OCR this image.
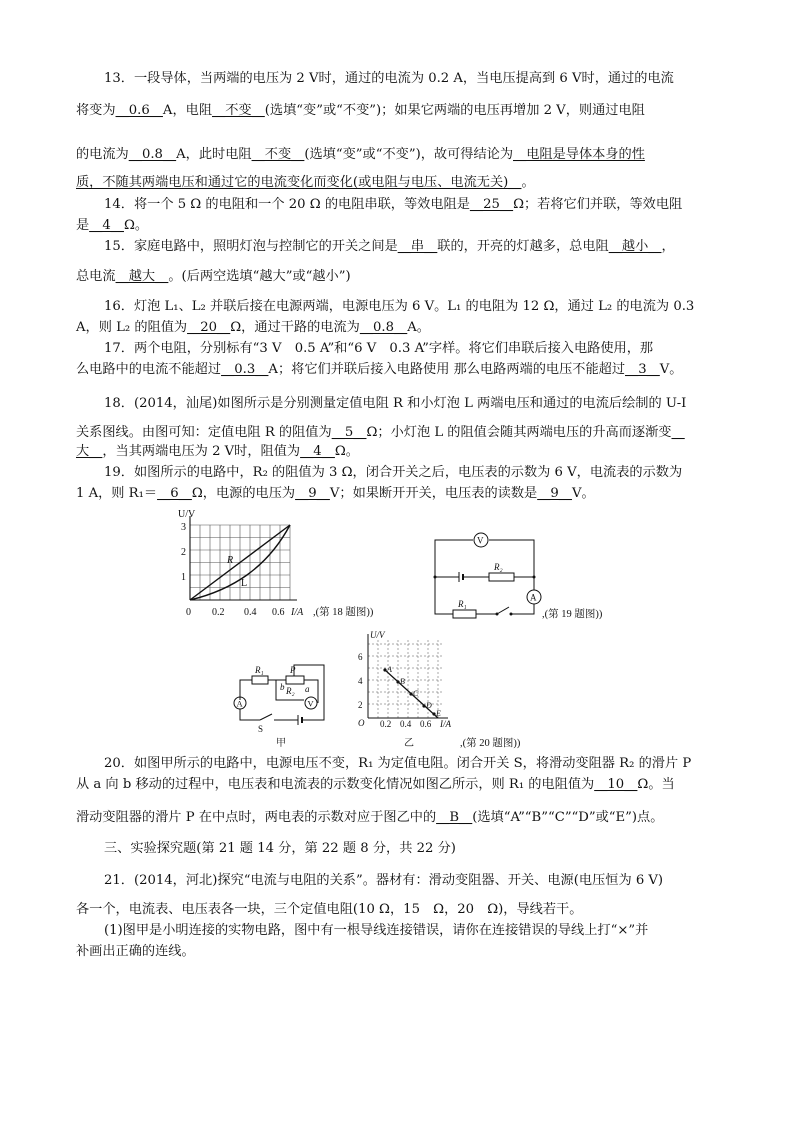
13．一段导体，当两端的电压为 2 V时，通过的电流为 0.2 A，当电压提高到 6 V时，通过的电流
将变为__0.6__A，电阻__不变__(选填“变”或“不变”)；如果它两端的电压再增加 2 V，则通过电阻
的电流为__0.8__A，此时电阻__不变__(选填“变”或“不变”)，故可得结论为__电阻是导体本身的性
质，不随其两端电压和通过它的电流变化而变化(或电阻与电压、电流无关)__。
14．将一个 5 Ω 的电阻和一个 20 Ω 的电阻串联，等效电阻是__25__Ω；若将它们并联，等效电阻
是__4__Ω。
15．家庭电路中，照明灯泡与控制它的开关之间是__串__联的，开亮的灯越多，总电阻__越小__，
总电流__越大__。(后两空选填“越大”或“越小”)
16．灯泡 L₁、L₂ 并联后接在电源两端，电源电压为 6 V。L₁ 的电阻为 12 Ω，通过 L₂ 的电流为 0.3
A，则 L₂ 的阻值为__20__Ω，通过干路的电流为__0.8__A。
17．两个电阻，分别标有“3 V　0.5 A”和“6 V　0.3 A”字样。将它们串联后接入电路使用，那
么电路中的电流不能超过__0.3__A；将它们并联后接入电路使用 那么电路两端的电压不能超过__3__V。
18．(2014，汕尾)如图所示是分别测量定值电阻 R 和小灯泡 L 两端电压和通过的电流后绘制的 U-I
关系图线。由图可知：定值电阻 R 的阻值为__5__Ω；小灯泡 L 的阻值会随其两端电压的升高而逐渐变__
大__，当其两端电压为 2 V时，阻值为__4__Ω。
19．如图所示的电路中，R₂ 的阻值为 3 Ω，闭合开关之后，电压表的示数为 6 V，电流表的示数为
1 A，则 R₁＝__6__Ω，电源的电压为__9__V；如果断开开关，电压表的读数是__9__V。
U/V
3
2
1
0 0.2 0.4 0.6 I/A
R
L
,(第 18 题图))
V
A
R₂
R₁
,(第 19 题图))
A	V
R₁	P
R₂
b a
S
甲
A
B
C
D
E
U/V
6
4
2
O 0.2 0.4 0.6 I/A
乙	,(第 20 题图))
20．如图甲所示的电路中，电源电压不变，R₁ 为定值电阻。闭合开关 S，将滑动变阻器 R₂ 的滑片 P
从 a 向 b 移动的过程中，电压表和电流表的示数变化情况如图乙所示，则 R₁ 的电阻值为__10__Ω。当
滑动变阻器的滑片 P 在中点时，两电表的示数对应于图乙中的__B__(选填“A”“B”“C”“D”或“E”)点。
三、实验探究题(第 21 题 14 分，第 22 题 8 分，共 22 分)
21．(2014，河北)探究“电流与电阻的关系”。器材有：滑动变阻器、开关、电源(电压恒为 6 V)
各一个，电流表、电压表各一块，三个定值电阻(10 Ω，15　Ω，20　Ω)，导线若干。
(1)图甲是小明连接的实物电路，图中有一根导线连接错误，请你在连接错误的导线上打“×”并
补画出正确的连线。
